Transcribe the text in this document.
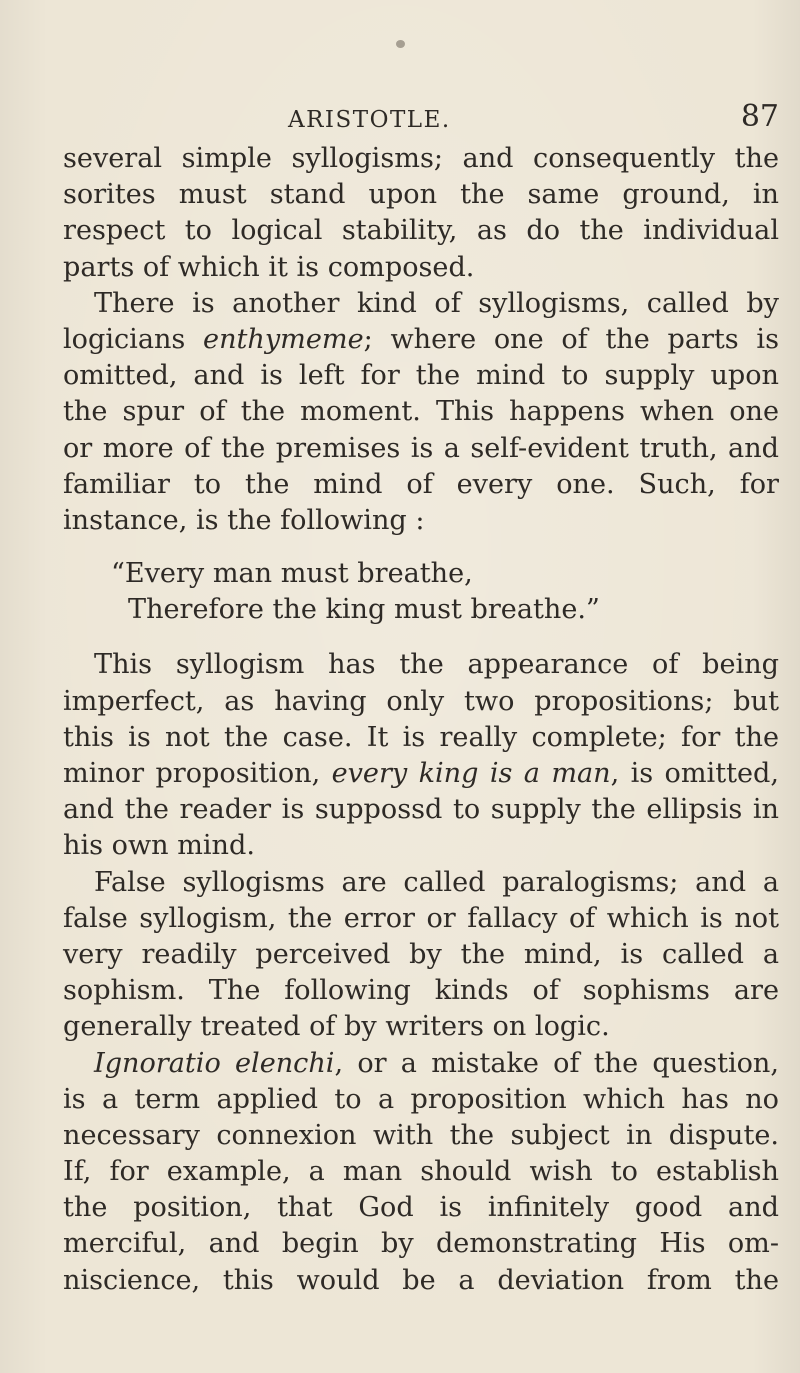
ARISTOTLE.	87
several simple syllogisms; and consequently the
sorites must stand upon the same ground, in
respect to logical stability, as do the individual
parts of which it is composed.
There is another kind of syllogisms, called by
logicians enthymeme; where one of the parts is
omitted, and is left for the mind to supply upon
the spur of the moment. This happens when one
or more of the premises is a self-evident truth, and
familiar to the mind of every one. Such, for
instance, is the following :
“Every man must breathe,
Therefore the king must breathe.”
This syllogism has the appearance of being
imperfect, as having only two propositions; but
this is not the case. It is really complete; for the
minor proposition, every king is a man, is omitted,
and the reader is suppossd to supply the ellipsis in
his own mind.
False syllogisms are called paralogisms; and a
false syllogism, the error or fallacy of which is not
very readily perceived by the mind, is called a
sophism. The following kinds of sophisms are
generally treated of by writers on logic.
Ignoratio elenchi, or a mistake of the question,
is a term applied to a proposition which has no
necessary connexion with the subject in dispute.
If, for example, a man should wish to establish
the position, that God is infinitely good and
merciful, and begin by demonstrating His om-
niscience, this would be a deviation from the
